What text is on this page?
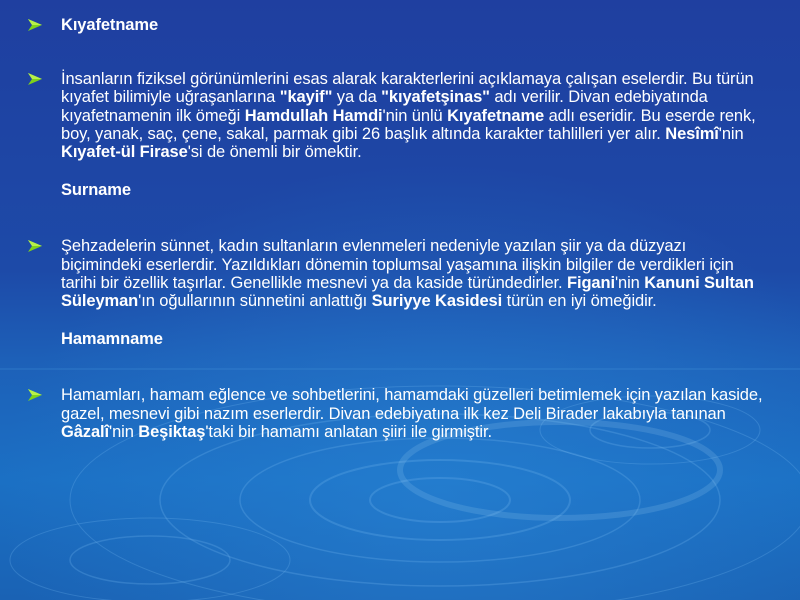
Kıyafetname
İnsanların fiziksel görünümlerini esas alarak karakterlerini açıklamaya çalışan eselerdir. Bu türün kıyafet bilimiyle uğraşanlarına "kayif" ya da "kıyafetşinas" adı verilir. Divan edebiyatında kıyafetnamenin ilk ömeği Hamdullah Hamdi'nin ünlü Kıyafetname adlı eseridir. Bu eserde renk, boy, yanak, saç, çene, sakal, parmak gibi 26 başlık altında karakter tahlilleri yer alır. Nesîmî'nin Kıyafet-ül Firase'si de önemli bir ömektir.
Surname
Şehzadelerin sünnet, kadın sultanların evlenmeleri nedeniyle yazılan şiir ya da düzyazı biçimindeki eserlerdir. Yazıldıkları dönemin toplumsal yaşamına ilişkin bilgiler de verdikleri için tarihi bir özellik taşırlar. Genellikle mesnevi ya da kaside türündedirler. Figani'nin Kanuni Sultan Süleyman'ın oğullarının sünnetini anlattığı Suriyye Kasidesi türün en iyi ömeğidir.
Hamamname
Hamamları, hamam eğlence ve sohbetlerini, hamamdaki güzelleri betimlemek için yazılan kaside, gazel, mesnevi gibi nazım eserlerdir. Divan edebiyatına ilk kez Deli Birader lakabıyla tanınan Gâzalî'nin Beşiktaş'taki bir hamamı anlatan şiiri ile girmiştir.
